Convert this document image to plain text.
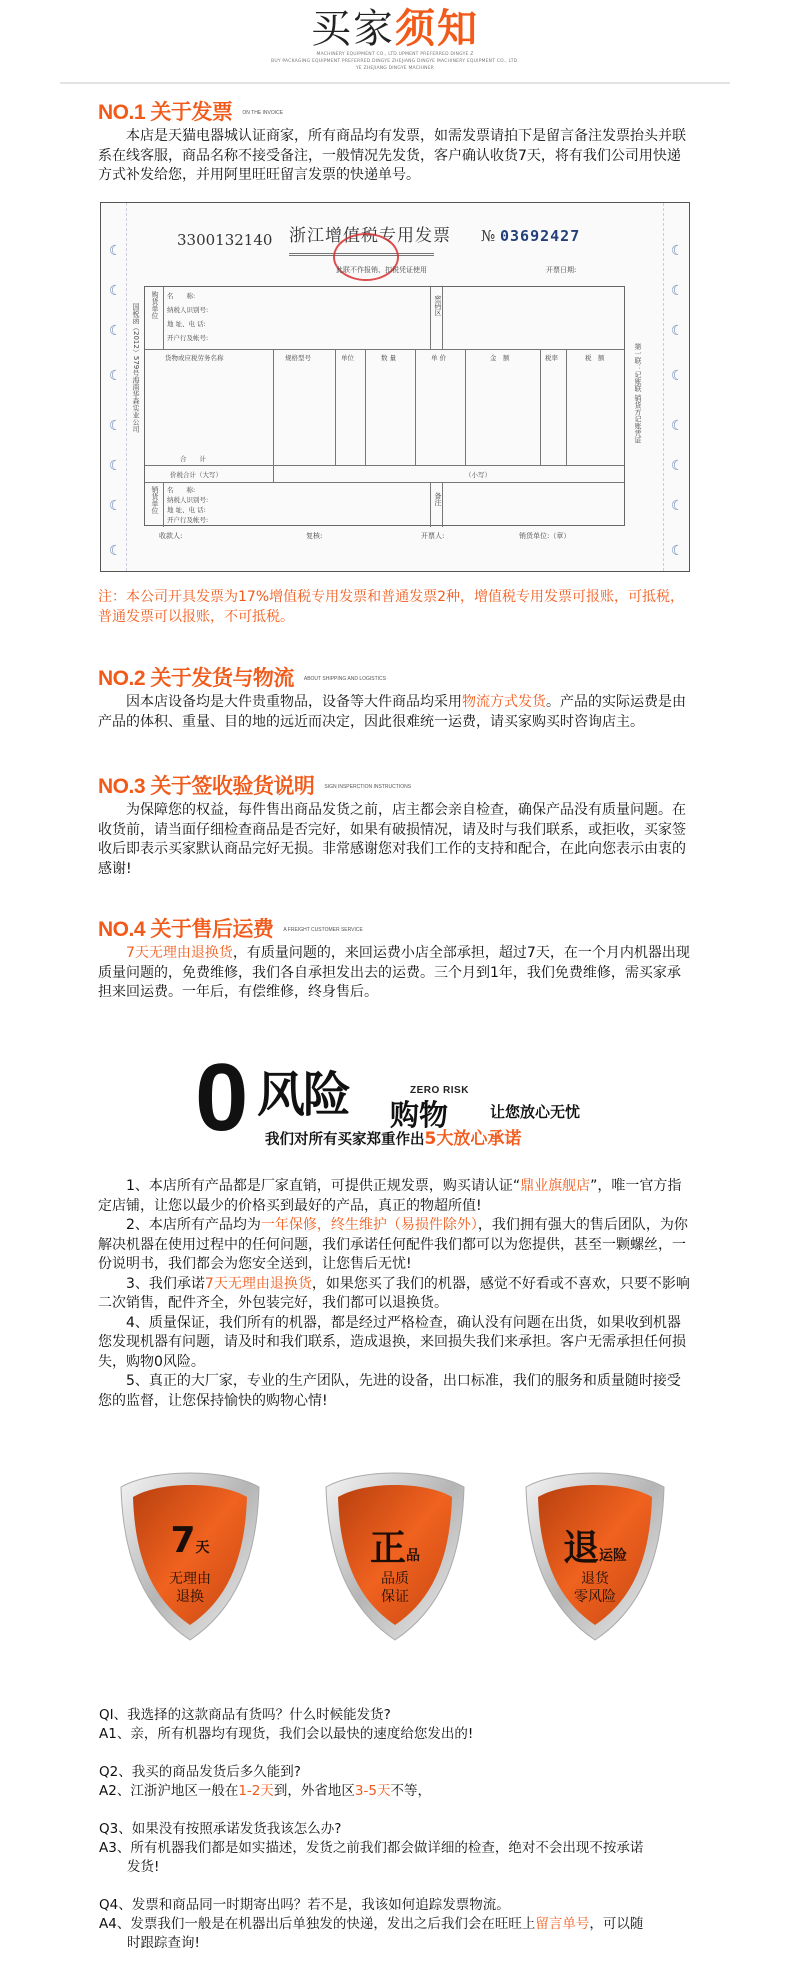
买家须知
MACHINERY EQUIPMENT CO., LTD.UPMENT PREFERRED DINGYE Z
BUY PACKAGING EQUIPMENT PREFERRED DINGYE ZHEJIANG DINGYE MACHINERY EQUIPMENT CO., LTD.
YE ZHEJIANG DINGYE MACHINER
NO.1 关于发票 ON THE INVOICE
本店是天猫电器城认证商家，所有商品均有发票，如需发票请拍下是留言备注发票抬头并联系在线客服，商品名称不接受备注，一般情况先发货，客户确认收货7天，将有我们公司用快递方式补发给您，并用阿里旺旺留言发票的快递单号。
☾
☾
☾
☾
☾
☾
☾
☾
☾
☾
☾
☾
☾
☾
☾
☾
3300132140 浙江增值税专用发票 № 03692427
此联不作报销、扣税凭证使用	开票日期:
国税函（2012）579号海南华森实业公司	第一联：记账联 销货方记账凭证
购货单位 名　　称:
纳税人识别号:
地 址、电 话:
开户行及帐号:
密码区
货物或应税劳务名称	规格型号	单位	数 量	单 价	金　额	税率	税　额
合　　计
价税合计（大写）	（小写）
销货单位 名　　称:
纳税人识别号:
地 址、电 话:
开户行及帐号:
备注
收款人:	复核:	开票人:	销货单位:（章）
注：本公司开具发票为17%增值税专用发票和普通发票2种，增值税专用发票可报账，可抵税，普通发票可以报账，不可抵税。
NO.2 关于发货与物流 ABOUT SHIPPING AND LOGISTICS
因本店设备均是大件贵重物品，设备等大件商品均采用物流方式发货。产品的实际运费是由产品的体积、重量、目的地的远近而决定，因此很难统一运费，请买家购买时咨询店主。
NO.3 关于签收验货说明 SIGN INSPERCTION INSTRUCTIONS
为保障您的权益，每件售出商品发货之前，店主都会亲自检查，确保产品没有质量问题。在收货前，请当面仔细检查商品是否完好，如果有破损情况，请及时与我们联系，或拒收，买家签收后即表示买家默认商品完好无损。非常感谢您对我们工作的支持和配合，在此向您表示由衷的感谢!
NO.4 关于售后运费 A FREIGHT CUSTOMER SERVICE
7天无理由退换货，有质量问题的，来回运费小店全部承担，超过7天，在一个月内机器出现质量问题的，免费维修，我们各自承担发出去的运费。三个月到1年，我们免费维修，需买家承担来回运费。一年后，有偿维修，终身售后。
0 风险	ZERO RISK
购物	让您放心无忧
我们对所有买家郑重作出5大放心承诺
1、本店所有产品都是厂家直销，可提供正规发票，购买请认证“鼎业旗舰店”，唯一官方指定店铺，让您以最少的价格买到最好的产品，真正的物超所值!
2、本店所有产品均为一年保修，终生维护（易损件除外），我们拥有强大的售后团队，为你解决机器在使用过程中的任何问题，我们承诺任何配件我们都可以为您提供，甚至一颗螺丝，一份说明书，我们都会为您安全送到，让您售后无忧!
3、我们承诺7天无理由退换货，如果您买了我们的机器，感觉不好看或不喜欢，只要不影响二次销售，配件齐全，外包装完好，我们都可以退换货。
4、质量保证，我们所有的机器，都是经过严格检查，确认没有问题在出货，如果收到机器您发现机器有问题，请及时和我们联系，造成退换，来回损失我们来承担。客户无需承担任何损失，购物0风险。
5、真正的大厂家，专业的生产团队，先进的设备，出口标准，我们的服务和质量随时接受您的监督，让您保持愉快的购物心情!
7天
无理由
退换
正品
品质
保证
退运险
退货
零风险
QI、我选择的这款商品有货吗？什么时候能发货?
A1、亲，所有机器均有现货，我们会以最快的速度给您发出的!
Q2、我买的商品发货后多久能到?
A2、江浙沪地区一般在1-2天到，外省地区3-5天不等，
Q3、如果没有按照承诺发货我该怎么办?
A3、所有机器我们都是如实描述，发货之前我们都会做详细的检查，绝对不会出现不按承诺
发货!
Q4、发票和商品同一时期寄出吗？若不是，我该如何追踪发票物流。
A4、发票我们一般是在机器出后单独发的快递，发出之后我们会在旺旺上留言单号，可以随
时跟踪查询!
